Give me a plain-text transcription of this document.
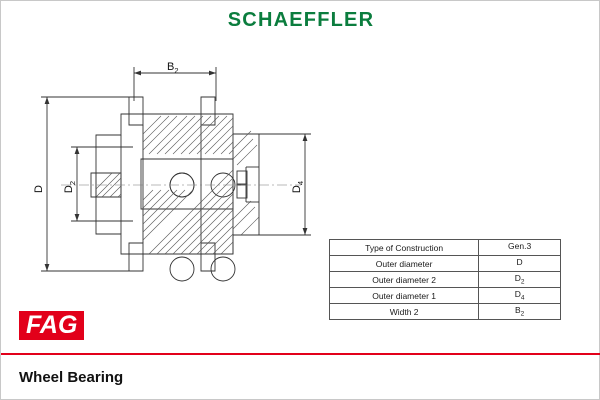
SCHAEFFLER
$B_2$
D $D_2$
$D_4$
Type of Construction	Gen.3
Outer diameter	D
Outer diameter 2	$D_2$
Outer diameter 1	$D_4$
Width 2	$B_2$
FAG
Wheel Bearing
